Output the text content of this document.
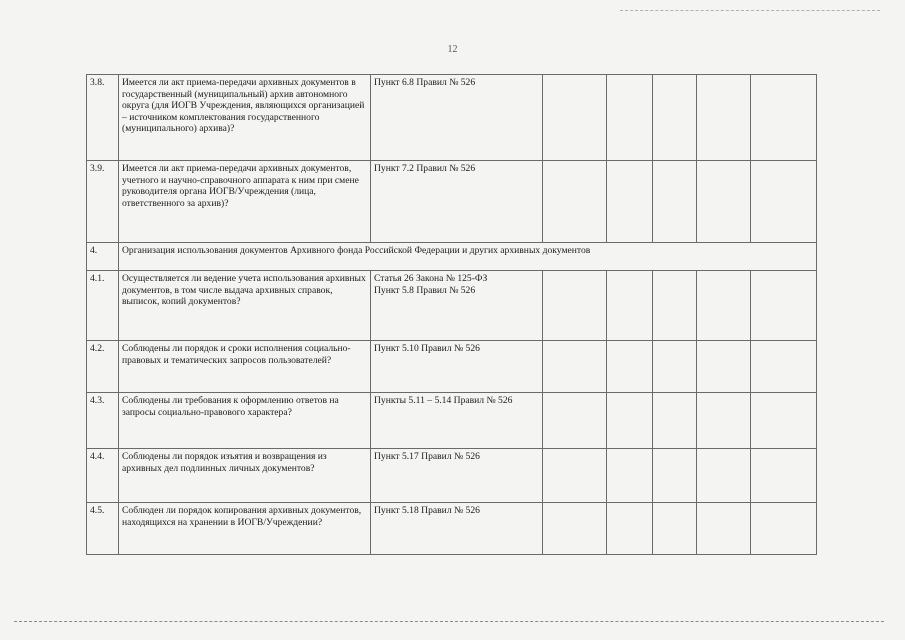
12
3.8.	Имеется ли акт приема-передачи архивных документов в государственный (муниципальный) архив автономного округа (для ИОГВ Учреждения, являющихся организацией – источником комплектования государственного (муниципального) архива)?	Пункт 6.8 Правил № 526					
3.9.	Имеется ли акт приема-передачи архивных документов, учетного и научно-справочного аппарата к ним при смене руководителя органа ИОГВ/Учреждения (лица, ответственного за архив)?	Пункт 7.2 Правил № 526					
4.	Организация использования документов Архивного фонда Российской Федерации и других архивных документов						
4.1.	Осуществляется ли ведение учета использования архивных документов, в том числе выдача архивных справок, выписок, копий документов?	Статья 26 Закона № 125-ФЗ
Пункт 5.8 Правил № 526					
4.2.	Соблюдены ли порядок и сроки исполнения социально-правовых и тематических запросов пользователей?	Пункт 5.10 Правил № 526					
4.3.	Соблюдены ли требования к оформлению ответов на запросы социально-правового характера?	Пункты 5.11 – 5.14 Правил № 526					
4.4.	Соблюдены ли порядок изъятия и возвращения из архивных дел подлинных личных документов?	Пункт 5.17 Правил № 526					
4.5.	Соблюден ли порядок копирования архивных документов, находящихся на хранении в ИОГВ/Учреждении?	Пункт 5.18 Правил № 526					
